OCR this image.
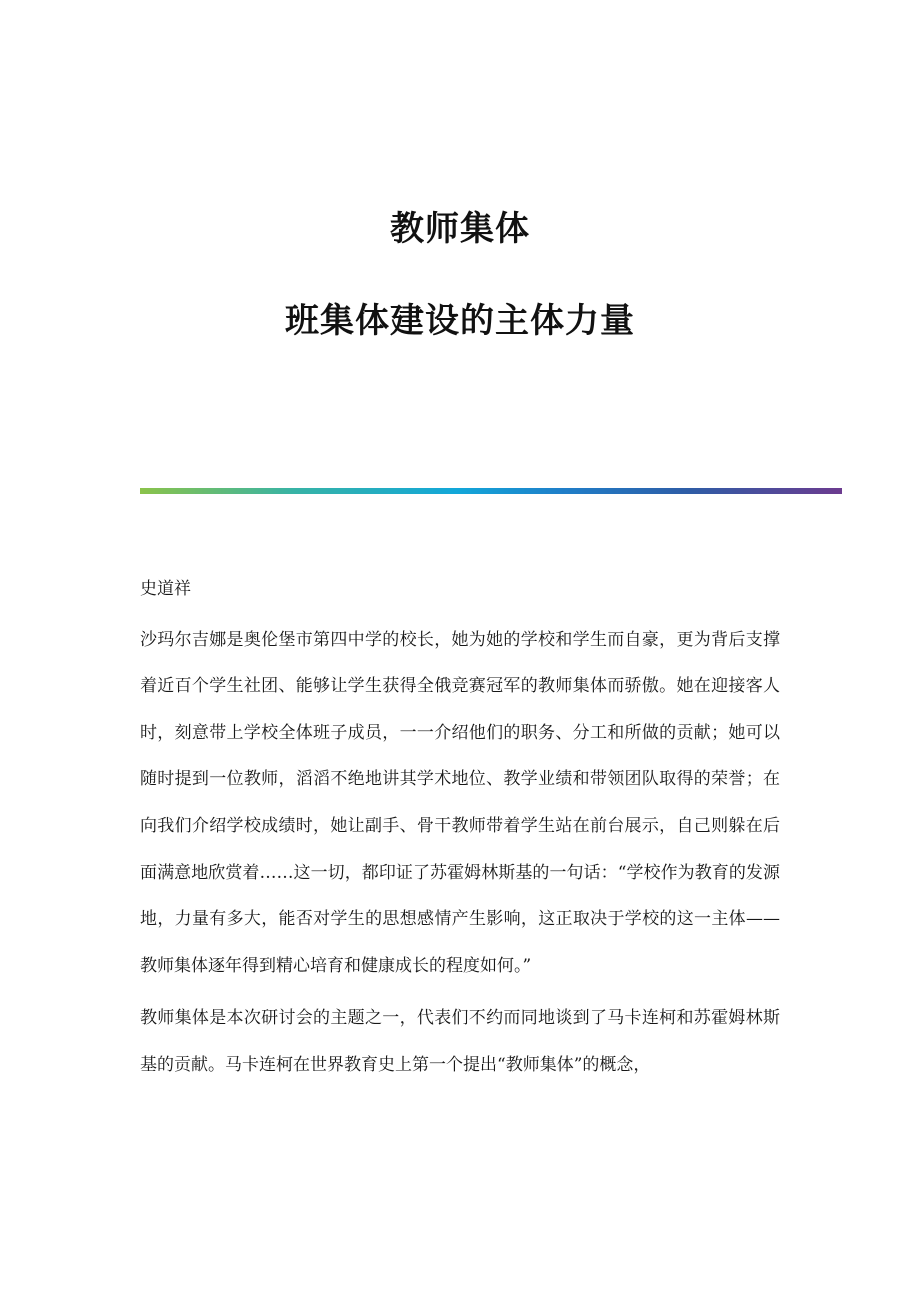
教师集体
班集体建设的主体力量

史道祥

沙玛尔吉娜是奥伦堡市第四中学的校长，她为她的学校和学生而自豪，更为背后支撑着近百个学生社团、能够让学生获得全俄竞赛冠军的教师集体而骄傲。她在迎接客人时，刻意带上学校全体班子成员，一一介绍他们的职务、分工和所做的贡献；她可以随时提到一位教师，滔滔不绝地讲其学术地位、教学业绩和带领团队取得的荣誉；在向我们介绍学校成绩时，她让副手、骨干教师带着学生站在前台展示，自己则躲在后面满意地欣赏着……这一切，都印证了苏霍姆林斯基的一句话：“学校作为教育的发源地，力量有多大，能否对学生的思想感情产生影响，这正取决于学校的这一主体——教师集体逐年得到精心培育和健康成长的程度如何。”

教师集体是本次研讨会的主题之一，代表们不约而同地谈到了马卡连柯和苏霍姆林斯基的贡献。马卡连柯在世界教育史上第一个提出“教师集体”的概念，
